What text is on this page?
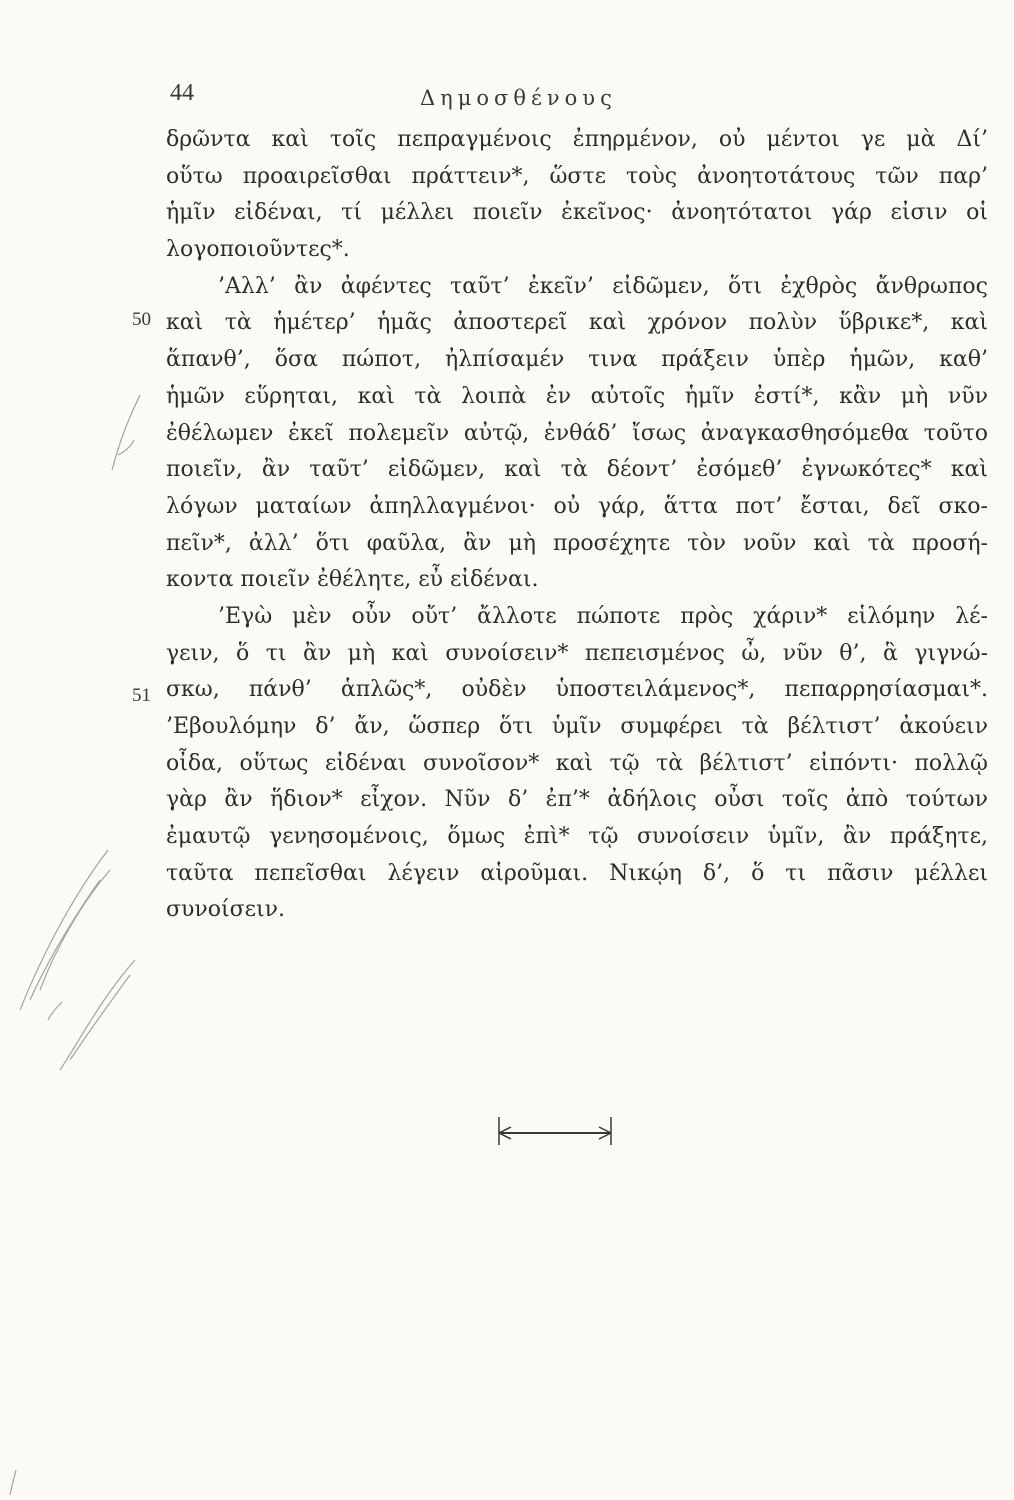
44	Δημοσθένους
50
51
δρῶντα καὶ τοῖς πεπραγμένοις ἐπηρμένον, οὐ μέντοι γε μὰ Δί’
οὕτω προαιρεῖσθαι πράττειν*, ὥστε τοὺς ἀνοητοτάτους τῶν παρ’
ἡμῖν εἰδέναι, τί μέλλει ποιεῖν ἐκεῖνος· ἀνοητότατοι γάρ εἰσιν οἱ
λογοποιοῦντες*.
’Αλλ’ ἂν ἀφέντες ταῦτ’ ἐκεῖν’ εἰδῶμεν, ὅτι ἐχθρὸς ἄνθρωπος
καὶ τὰ ἡμέτερ’ ἡμᾶς ἀποστερεῖ καὶ χρόνον πολὺν ὕβρικε*, καὶ
ἅπανθ’, ὅσα πώποτ, ἠλπίσαμέν τινα πράξειν ὑπὲρ ἡμῶν, καθ’
ἡμῶν εὕρηται, καὶ τὰ λοιπὰ ἐν αὐτοῖς ἡμῖν ἐστί*, κἂν μὴ νῦν
ἐθέλωμεν ἐκεῖ πολεμεῖν αὐτῷ, ἐνθάδ’ ἴσως ἀναγκασθησόμεθα τοῦτο
ποιεῖν, ἂν ταῦτ’ εἰδῶμεν, καὶ τὰ δέοντ’ ἐσόμεθ’ ἐγνωκότες* καὶ
λόγων ματαίων ἀπηλλαγμένοι· οὐ γάρ, ἅττα ποτ’ ἔσται, δεῖ σκο-
πεῖν*, ἀλλ’ ὅτι φαῦλα, ἂν μὴ προσέχητε τὸν νοῦν καὶ τὰ προσή-
κοντα ποιεῖν ἐθέλητε, εὖ εἰδέναι.
’Εγὼ μὲν οὖν οὔτ’ ἄλλοτε πώποτε πρὸς χάριν* εἱλόμην λέ-
γειν, ὅ τι ἂν μὴ καὶ συνοίσειν* πεπεισμένος ὦ, νῦν θ’, ἃ γιγνώ-
σκω, πάνθ’ ἁπλῶς*, οὐδὲν ὑποστειλάμενος*, πεπαρρησίασμαι*.
’Εβουλόμην δ’ ἄν, ὥσπερ ὅτι ὑμῖν συμφέρει τὰ βέλτιστ’ ἀκούειν
οἶδα, οὕτως εἰδέναι συνοῖσον* καὶ τῷ τὰ βέλτιστ’ εἰπόντι· πολλῷ
γὰρ ἂν ἥδιον* εἶχον. Νῦν δ’ ἐπ’* ἀδήλοις οὖσι τοῖς ἀπὸ τούτων
ἐμαυτῷ γενησομένοις, ὅμως ἐπὶ* τῷ συνοίσειν ὑμῖν, ἂν πράξητε,
ταῦτα πεπεῖσθαι λέγειν αἱροῦμαι. Νικῴη δ’, ὅ τι πᾶσιν μέλλει
συνοίσειν.
